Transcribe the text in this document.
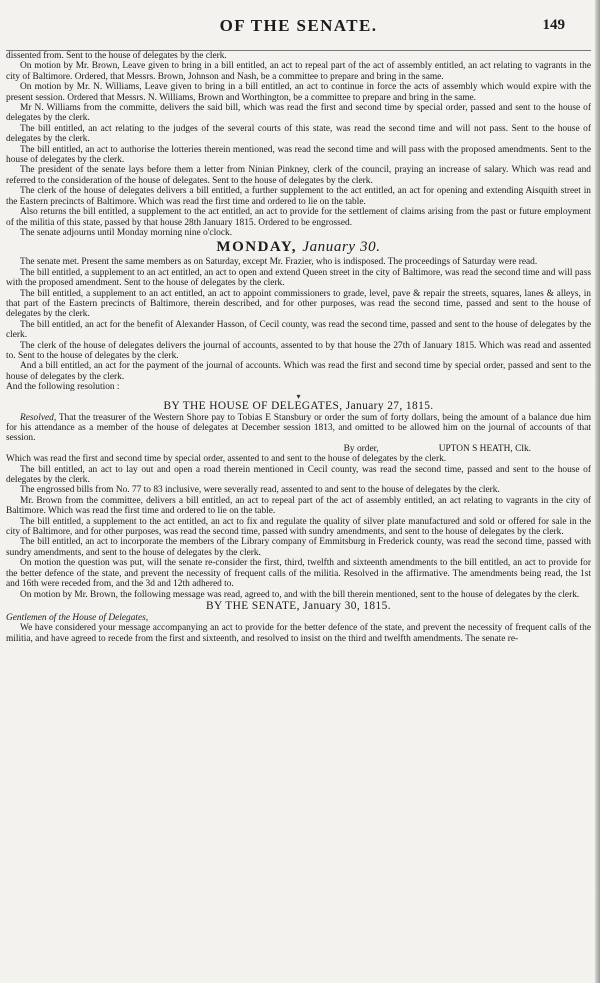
OF THE SENATE.	149

dissented from. Sent to the house of delegates by the clerk.

On motion by Mr. Brown, Leave given to bring in a bill entitled, an act to repeal part of the act of assembly entitled, an act relating to vagrants in the city of Baltimore. Ordered, that Messrs. Brown, Johnson and Nash, be a committee to prepare and bring in the same.

On motion by Mr. N. Williams, Leave given to bring in a bill entitled, an act to continue in force the acts of assembly which would expire with the present session. Ordered that Messrs. N. Williams, Brown and Worthington, be a committee to prepare and bring in the same.

Mr N. Williams from the committe, delivers the said bill, which was read the first and second time by special order, passed and sent to the house of delegates by the clerk.

The bill entitled, an act relating to the judges of the several courts of this state, was read the second time and will not pass. Sent to the house of delegates by the clerk.

The bill entitled, an act to authorise the lotteries therein mentioned, was read the second time and will pass with the proposed amendments. Sent to the house of delegates by the clerk.

The president of the senate lays before them a letter from Ninian Pinkney, clerk of the council, praying an increase of salary. Which was read and referred to the consideration of the house of delegates. Sent to the house of delegates by the clerk.

The clerk of the house of delegates delivers a bill entitled, a further supplement to the act entitled, an act for opening and extending Aisquith street in the Eastern precincts of Baltimore. Which was read the first time and ordered to lie on the table.

Also returns the bill entitled, a supplement to the act entitled, an act to provide for the settlement of claims arising from the past or future employment of the militia of this state, passed by that house 28th January 1815. Ordered to be engrossed.

The senate adjourns until Monday morning nine o'clock.

MONDAY, January 30.

The senate met. Present the same members as on Saturday, except Mr. Frazier, who is indisposed. The proceedings of Saturday were read.

The bill entitled, a supplement to an act entitled, an act to open and extend Queen street in the city of Baltimore, was read the second time and will pass with the proposed amendment. Sent to the house of delegates by the clerk.

The bill entitled, a supplement to an act entitled, an act to appoint commissioners to grade, level, pave & repair the streets, squares, lanes & alleys, in that part of the Eastern precincts of Baltimore, therein described, and for other purposes, was read the second time, passed and sent to the house of delegates by the clerk.

The bill entitled, an act for the benefit of Alexander Hasson, of Cecil county, was read the second time, passed and sent to the house of delegates by the clerk.

The clerk of the house of delegates delivers the journal of accounts, assented to by that house the 27th of January 1815. Which was read and assented to. Sent to the house of delegates by the clerk.

And a bill entitled, an act for the payment of the journal of accounts. Which was read the first and second time by special order, passed and sent to the house of delegates by the clerk.

And the following resolution :

▾
BY THE HOUSE OF DELEGATES, January 27, 1815.

Resolved, That the treasurer of the Western Shore pay to Tobias E Stansbury or order the sum of forty dollars, being the amount of a balance due him for his attendance as a member of the house of delegates at December session 1813, and omitted to be allowed him on the journal of accounts of that session.

By order,	UPTON S HEATH, Clk.

Which was read the first and second time by special order, assented to and sent to the house of delegates by the clerk.

The bill entitled, an act to lay out and open a road therein mentioned in Cecil county, was read the second time, passed and sent to the house of delegates by the clerk.

The engrossed bills from No. 77 to 83 inclusive, were severally read, assented to and sent to the house of delegates by the clerk.

Mr. Brown from the committee, delivers a bill entitled, an act to repeal part of the act of assembly entitled, an act relating to vagrants in the city of Baltimore. Which was read the first time and ordered to lie on the table.

The bill entitled, a supplement to the act entitled, an act to fix and regulate the quality of silver plate manufactured and sold or offered for sale in the city of Baltimore, and for other purposes, was read the second time, passed with sundry amendments, and sent to the house of delegates by the clerk.

The bill entitled, an act to incorporate the members of the Library company of Emmitsburg in Frederick county, was read the second time, passed with sundry amendments, and sent to the house of delegates by the clerk.

On motion the question was put, will the senate re-consider the first, third, twelfth and sixteenth amendments to the bill entitled, an act to provide for the better defence of the state, and prevent the necessity of frequent calls of the militia. Resolved in the affirmative. The amendments being read, the 1st and 16th were receded from, and the 3d and 12th adhered to.

On motion by Mr. Brown, the following message was read, agreed to, and with the bill therein mentioned, sent to the house of delegates by the clerk.

BY THE SENATE, January 30, 1815.

Gentlemen of the House of Delegates,

We have considered your message accompanying an act to provide for the better defence of the state, and prevent the necessity of frequent calls of the militia, and have agreed to recede from the first and sixteenth, and resolved to insist on the third and twelfth amendments. The senate re-
